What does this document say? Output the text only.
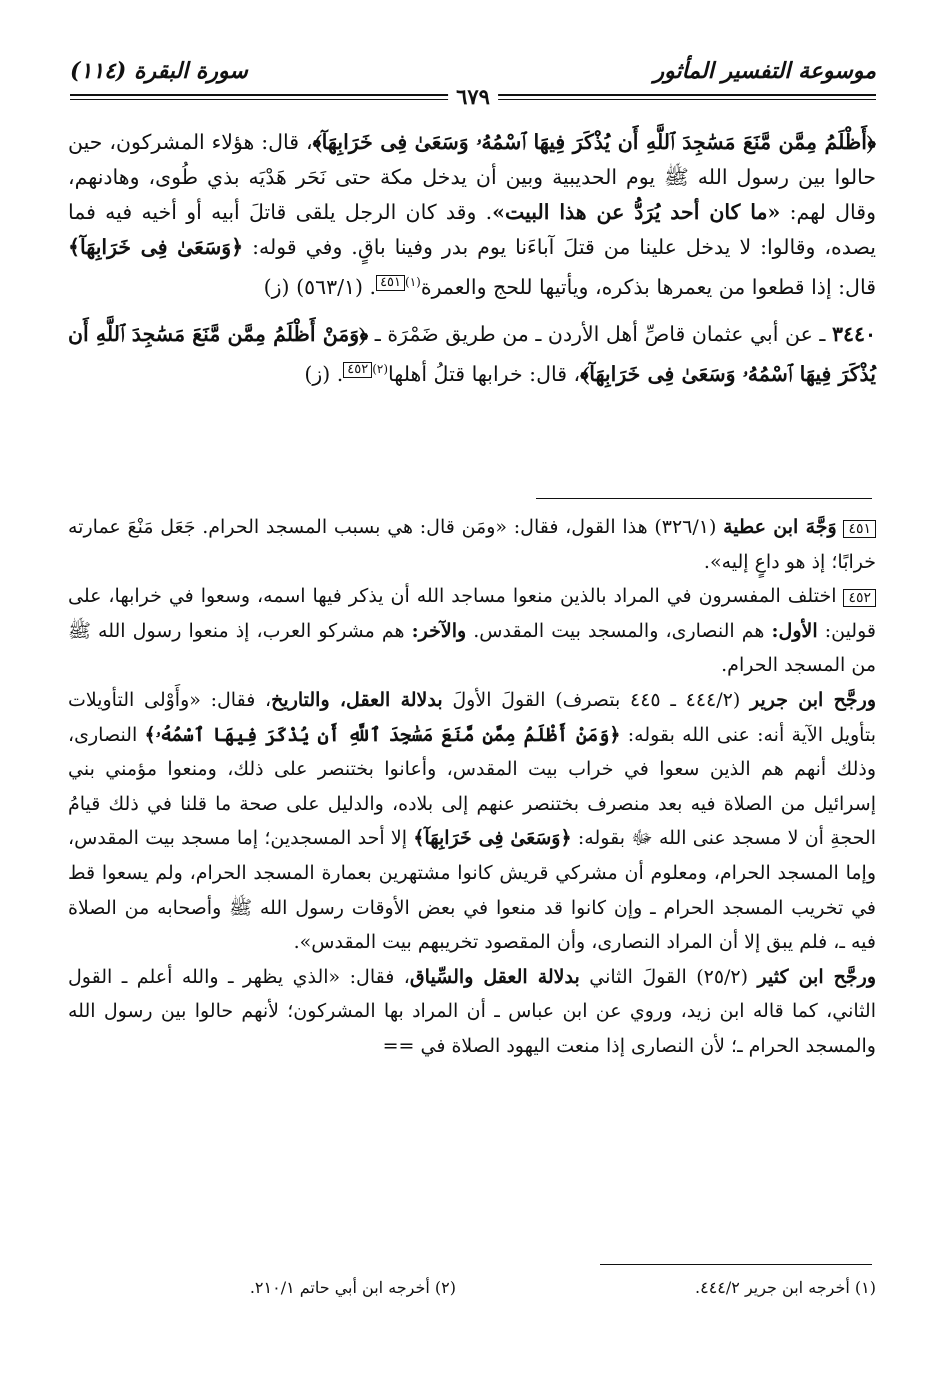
سورة البقرة (١١٤)	موسوعة التفسير المأثور
٦٧٩

﴿أَظْلَمُ مِمَّن مَّنَعَ مَسَٰجِدَ ٱللَّهِ أَن يُذْكَرَ فِيهَا ٱسْمُهُۥ وَسَعَىٰ فِى خَرَابِهَآ﴾، قال: هؤلاء المشركون، حين حالوا بين رسول الله ﷺ يوم الحديبية وبين أن يدخل مكة حتى نَحَر هَدْيَه بذي طُوى، وهادنهم، وقال لهم: «ما كان أحد يُرَدُّ عن هذا البيت». وقد كان الرجل يلقى قاتلَ أبيه أو أخيه فيه فما يصده، وقالوا: لا يدخل علينا من قتلَ آباءَنا يوم بدر وفينا باقٍ. وفي قوله: ﴿وَسَعَىٰ فِى خَرَابِهَآ﴾ قال: إذا قطعوا من يعمرها بذكره، ويأتيها للحج والعمرة$^{(١)}$٤٥١. (٥٦٣/١) (ز)

٣٤٤٠ ـ عن أبي عثمان قاصِّ أهل الأردن ـ من طريق ضَمْرَة ـ ﴿وَمَنْ أَظْلَمُ مِمَّن مَّنَعَ مَسَٰجِدَ ٱللَّهِ أَن يُذْكَرَ فِيهَا ٱسْمُهُۥ وَسَعَىٰ فِى خَرَابِهَآ﴾، قال: خرابها قتلُ أهلها$^{(٢)}$٤٥٢. (ز)

٤٥١ وَجَّهَ ابن عطية (٣٢٦/١) هذا القول، فقال: «ومَن قال: هي بسبب المسجد الحرام. جَعَل مَنْعَ عمارته خرابًا؛ إذ هو داعٍ إليه».

٤٥٢ اختلف المفسرون في المراد بالذين منعوا مساجد الله أن يذكر فيها اسمه، وسعوا في خرابها، على قولين: الأول: هم النصارى، والمسجد بيت المقدس. والآخر: هم مشركو العرب، إذ منعوا رسول الله ﷺ من المسجد الحرام.

ورجَّح ابن جرير (٤٤٤/٢ ـ ٤٤٥ بتصرف) القولَ الأولَ بدلالة العقل، والتاريخ، فقال: «وأَوْلى التأويلات بتأويل الآية أنه: عنى الله بقوله: ﴿وَمَنْ أَظْلَمُ مِمَّن مَّنَعَ مَسَٰجِدَ ٱللَّهِ أَن يُذْكَرَ فِيهَا ٱسْمُهُۥ﴾ النصارى، وذلك أنهم هم الذين سعوا في خراب بيت المقدس، وأعانوا بختنصر على ذلك، ومنعوا مؤمني بني إسرائيل من الصلاة فيه بعد منصرف بختنصر عنهم إلى بلاده، والدليل على صحة ما قلنا في ذلك قيامُ الحجةِ أن لا مسجد عنى الله ﷻ بقوله: ﴿وَسَعَىٰ فِى خَرَابِهَآ﴾ إلا أحد المسجدين؛ إما مسجد بيت المقدس، وإما المسجد الحرام، ومعلوم أن مشركي قريش كانوا مشتهرين بعمارة المسجد الحرام، ولم يسعوا قط في تخريب المسجد الحرام ـ وإن كانوا قد منعوا في بعض الأوقات رسول الله ﷺ وأصحابه من الصلاة فيه ـ، فلم يبق إلا أن المراد النصارى، وأن المقصود تخريبهم بيت المقدس».

ورجَّح ابن كثير (٢٥/٢) القولَ الثاني بدلالة العقل والسِّياق، فقال: «الذي يظهر ـ والله أعلم ـ القول الثاني، كما قاله ابن زيد، وروي عن ابن عباس ـ أن المراد بها المشركون؛ لأنهم حالوا بين رسول الله والمسجد الحرام ـ؛ لأن النصارى إذا منعت اليهود الصلاة في ==

(١) أخرجه ابن جرير ٤٤٤/٢.
(٢) أخرجه ابن أبي حاتم ٢١٠/١.
